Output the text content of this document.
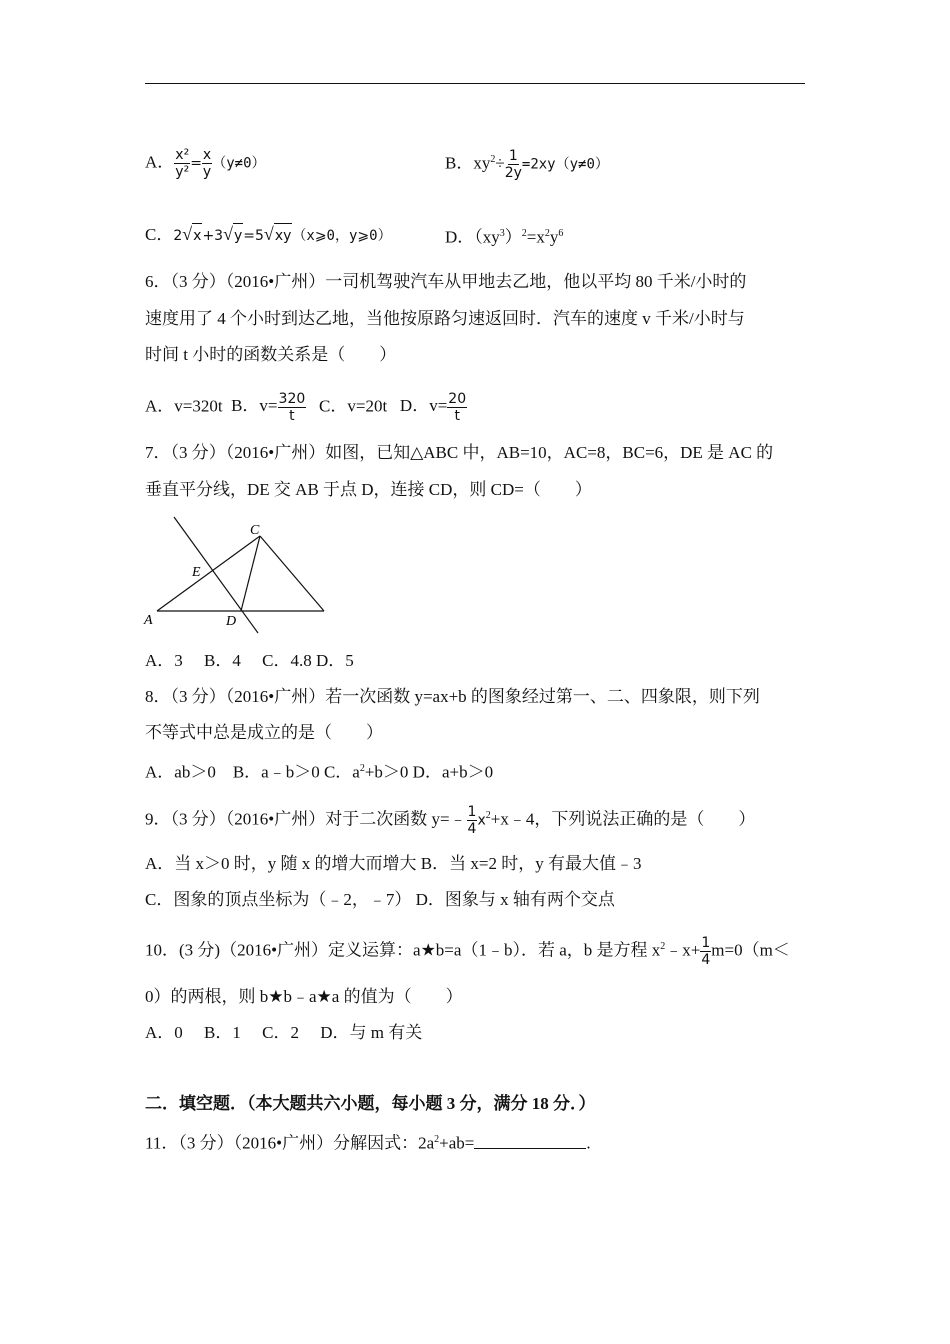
A． $\frac{\text{x²}}{\text{y²}} = \frac{x}{y} (y\ne 0)$	B．$xy^2\div \frac{1}{2y} =2xy(y\ne 0)$
C．2√x+3√y=5√xy（x⩾0，y⩾0）	D．$(xy^3)^2=x^2y^6$
6．（3 分）（2016•广州）一司机驾驶汽车从甲地去乙地，他以平均 80 千米/小时的
速度用了 4 个小时到达乙地，当他按原路匀速返回时．汽车的速度 v 千米/小时与
时间 t 小时的函数关系是（　　）
A．v=320t B．$v= \frac{320}{t}$ C．v=20t D．$v= \frac{20}{t}$
7．（3 分）（2016•广州）如图，已知△ABC 中，AB=10，AC=8，BC=6，DE 是 AC 的
垂直平分线，DE 交 AB 于点 D，连接 CD，则 CD=（　　）
A
C
D
E
A．3　 B．4　 C．4.8 D．5
8．（3 分）（2016•广州）若一次函数 y=ax+b 的图象经过第一、二、四象限，则下列
不等式中总是成立的是（　　）
A．ab＞0　B．a﹣b＞0 C．$a^2+b>0$ D．a+b＞0
9．（3 分）（2016•广州）对于二次函数 y=﹣ $\frac{1}{4}$ $x^2+x﹣4$，下列说法正确的是（　　）
A．当 x＞0 时，y 随 x 的增大而增大 B．当 x=2 时，y 有最大值﹣3
C．图象的顶点坐标为（﹣2，﹣7） D．图象与 x 轴有两个交点
10．(3 分)（2016•广州）定义运算：a★b=a（1﹣b）．若 a，b 是方程 $x^2﹣x+ \frac{1}{4} m=0(m<$
0）的两根，则 b★b﹣a★a 的值为（　　）
A．0　 B．1　 C．2　 D．与 m 有关
二．填空题．（本大题共六小题，每小题 3 分，满分 18 分．）
11．（3 分）（2016•广州）分解因式：$2a^2+ab=$	.
